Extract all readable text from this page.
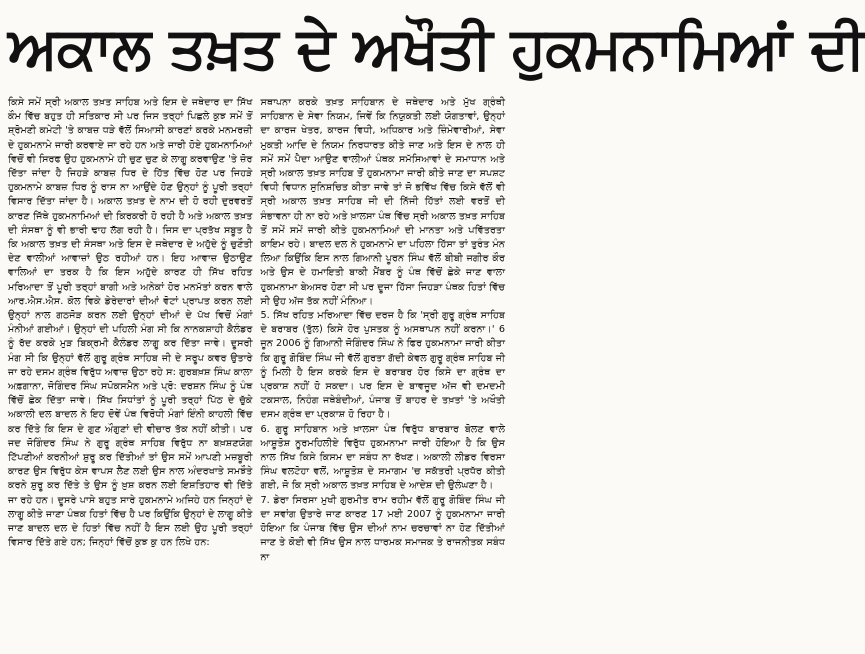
ਅਕਾਲ ਤਖ਼ਤ ਦੇ ਅਖੌਤੀ ਹੁਕਮਨਾਮਿਆਂ ਦੀ

ਕਿਸੇ ਸਮੇਂ ਸ੍ਰੀ ਅਕਾਲ ਤਖ਼ਤ ਸਾਹਿਬ ਅਤੇ ਇਸ ਦੇ ਜਥੇਦਾਰ ਦਾ ਸਿੱਖ ਕੌਮ ਵਿੱਚ ਬਹੁਤ ਹੀ ਸਤਿਕਾਰ ਸੀ ਪਰ ਜਿਸ ਤਰ੍ਹਾਂ ਪਿਛਲੇ ਕੁਝ ਸਮੇਂ ਤੋਂ ਸ਼੍ਰੋਮਣੀ ਕਮੇਟੀ 'ਤੇ ਕਾਬਜ਼ ਧੜੇ ਵੱਲੋਂ ਸਿਆਸੀ ਕਾਰਣਾਂ ਕਰਕੇ ਮਨਮਰਜ਼ੀ ਦੇ ਹੁਕਮਨਾਮੇ ਜਾਰੀ ਕਰਵਾਏ ਜਾ ਰਹੇ ਹਨ ਅਤੇ ਜਾਰੀ ਹੋਏ ਹੁਕਮਨਾਮਿਆਂ ਵਿਚੋਂ ਵੀ ਸਿਰਫ ਉਹ ਹੁਕਮਨਾਮੇ ਹੀ ਚੁਣ ਚੁਣ ਕੇ ਲਾਗੂ ਕਰਵਾਉਣ 'ਤੇ ਜ਼ੋਰ ਦਿੱਤਾ ਜਾਂਦਾ ਹੈ ਜਿਹੜੇ ਕਾਬਜ਼ ਧਿਰ ਦੇ ਹਿੱਤ ਵਿੱਚ ਹੋਣ ਪਰ ਜਿਹੜੇ ਹੁਕਮਨਾਮੇ ਕਾਬਜ਼ ਧਿਰ ਨੂੰ ਰਾਸ ਨਾ ਆਉਂਦੇ ਹੋਣ ਉਨ੍ਹਾਂ ਨੂੰ ਪੂਰੀ ਤਰ੍ਹਾਂ ਵਿਸਾਰ ਦਿੱਤਾ ਜਾਂਦਾ ਹੈ। ਅਕਾਲ ਤਖ਼ਤ ਦੇ ਨਾਮ ਦੀ ਹੋ ਰਹੀ ਦੁਰਵਰਤੋਂ ਕਾਰਣ ਜਿੱਥੇ ਹੁਕਮਨਾਮਿਆਂ ਦੀ ਕਿਰਕਰੀ ਹੋ ਰਹੀ ਹੈ ਅਤੇ ਅਕਾਲ ਤਖ਼ਤ ਦੀ ਸੰਸਥਾ ਨੂੰ ਵੀ ਭਾਰੀ ਢਾਹ ਲੱਗ ਰਹੀ ਹੈ। ਜਿਸ ਦਾ ਪ੍ਰਤੱਖ ਸਬੂਤ ਹੈ ਕਿ ਅਕਾਲ ਤਖ਼ਤ ਦੀ ਸੰਸਥਾ ਅਤੇ ਇਸ ਦੇ ਜਥੇਦਾਰ ਦੇ ਅਹੁੱਦੇ ਨੂੰ ਚੁਣੌਤੀ ਦੇਣ ਵਾਲੀਆਂ ਆਵਾਜ਼ਾਂ ਉਠ ਰਹੀਆਂ ਹਨ। ਇਹ ਆਵਾਜ਼ ਉਠਾਉਣ ਵਾਲਿਆਂ ਦਾ ਤਰਕ ਹੈ ਕਿ ਇਸ ਅਹੁੱਦੇ ਕਾਰਣ ਹੀ ਸਿੱਖ ਰਹਿਤ ਮਰਿਆਦਾ ਤੋਂ ਪੂਰੀ ਤਰ੍ਹਾਂ ਬਾਗੀ ਅਤੇ ਅਨੇਕਾਂ ਹੋਰ ਮਨਮੱਤਾਂ ਕਰਨ ਵਾਲੇ ਆਰ.ਐਸ.ਐਸ. ਕੋਲ ਵਿਕੇ ਡੇਰੇਦਾਰਾਂ ਦੀਆਂ ਵੋਟਾਂ ਪ੍ਰਾਪਤ ਕਰਨ ਲਈ ਉਨ੍ਹਾਂ ਨਾਲ ਗਠਜੋੜ ਕਰਨ ਲਈ ਉਨ੍ਹਾਂ ਦੀਆਂ ਦੇ ਪੱਖ ਵਿਚੋਂ ਮੰਗਾਂ ਮੰਨੀਆਂ ਗਈਆਂ। ਉਨ੍ਹਾਂ ਦੀ ਪਹਿਲੀ ਮੰਗ ਸੀ ਕਿ ਨਾਨਕਸ਼ਾਹੀ ਕੈਲੰਡਰ ਨੂੰ ਰੱਦ ਕਰਕੇ ਮੁੜ ਬਿਕ੍ਰਮੀ ਕੈਲੰਡਰ ਲਾਗੂ ਕਰ ਦਿੱਤਾ ਜਾਵੇ। ਦੂਸਰੀ ਮੰਗ ਸੀ ਕਿ ਉਨ੍ਹਾਂ ਵੱਲੋਂ ਗੁਰੂ ਗ੍ਰੰਥ ਸਾਹਿਬ ਜੀ ਦੇ ਸਰੂਪ ਕਵਰ ਉਤਾਰੇ ਜਾ ਰਹੇ ਦਸਮ ਗ੍ਰੰਥ ਵਿਰੁੱਧ ਅਵਾਜ਼ ਉਠਾ ਰਹੇ ਸ: ਗੁਰਬਖ਼ਸ਼ ਸਿੰਘ ਕਾਲਾ ਅਫ਼ਗਾਨਾ, ਜੋਗਿੰਦਰ ਸਿੰਘ ਸਪੋਕਸਮੈਨ ਅਤੇ ਪ੍ਰੋ: ਦਰਸ਼ਨ ਸਿੰਘ ਨੂੰ ਪੰਥ ਵਿੱਚੋਂ ਛੇਕ ਦਿੱਤਾ ਜਾਵੇ। ਸਿੱਖ ਸਿਧਾਂਤਾਂ ਨੂੰ ਪੂਰੀ ਤਰ੍ਹਾਂ ਪਿੱਠ ਦੇ ਚੁੱਕੇ ਅਕਾਲੀ ਦਲ ਬਾਦਲ ਨੇ ਇਹ ਦੋਵੇਂ ਪੰਥ ਵਿਰੋਧੀ ਮੰਗਾਂ ਇੰਨੀ ਕਾਹਲੀ ਵਿੱਚ ਕਰ ਦਿੱਤੇ ਕਿ ਇਸ ਦੇ ਗੁਣ ਔਗੁਣਾਂ ਦੀ ਵੀਚਾਰ ਤੱਕ ਨਹੀਂ ਕੀਤੀ। ਪਰ ਜਦ ਜੋਗਿੰਦਰ ਸਿੰਘ ਨੇ ਗੁਰੂ ਗ੍ਰੰਥ ਸਾਹਿਬ ਵਿਰੁੱਧ ਨਾ ਬਖ਼ਸ਼ਣਯੋਗ ਟਿੱਪਣੀਆਂ ਕਰਨੀਆਂ ਸ਼ੁਰੂ ਕਰ ਦਿੱਤੀਆਂ ਤਾਂ ਉਸ ਸਮੇਂ ਆਪਣੀ ਮਜ਼ਬੂਰੀ ਕਾਰਣ ਉਸ ਵਿਰੁੱਧ ਕੇਸ ਵਾਪਸ ਲੈਣ ਲਈ ਉਸ ਨਾਲ ਅੰਦਰਖਾਤੇ ਸਮਝੌਤੇ ਕਰਨੇ ਸ਼ੁਰੂ ਕਰ ਦਿੱਤੇ ਤੇ ਉਸ ਨੂੰ ਖ਼ੁਸ਼ ਕਰਨ ਲਈ ਇਸ਼ਤਿਹਾਰ ਵੀ ਦਿੱਤੇ ਜਾ ਰਹੇ ਹਨ। ਦੂਸਰੇ ਪਾਸੇ ਬਹੁਤ ਸਾਰੇ ਹੁਕਮਨਾਮੇ ਅਜਿਹੇ ਹਨ ਜਿਨ੍ਹਾਂ ਦੇ ਲਾਗੂ ਕੀਤੇ ਜਾਣਾ ਪੰਥਕ ਹਿਤਾਂ ਵਿੱਚ ਹੈ ਪਰ ਕਿਉਂਕਿ ਉਨ੍ਹਾਂ ਦੇ ਲਾਗੂ ਕੀਤੇ ਜਾਣ ਬਾਦਲ ਦਲ ਦੇ ਹਿਤਾਂ ਵਿੱਚ ਨਹੀਂ ਹੈ ਇਸ ਲਈ ਉਹ ਪੂਰੀ ਤਰ੍ਹਾਂ ਵਿਸਾਰ ਦਿੱਤੇ ਗਏ ਹਨ; ਜਿਨ੍ਹਾਂ ਵਿੱਚੋਂ ਕੁਝ ਕੁ ਹਨ ਲਿਖੇ ਹਨ:

ਸਥਾਪਨਾ ਕਰਕੇ ਤਖ਼ਤ ਸਾਹਿਬਾਨ ਦੇ ਜਥੇਦਾਰ ਅਤੇ ਮੁੱਖ ਗ੍ਰੰਥੀ ਸਾਹਿਬਾਨ ਦੇ ਸੇਵਾ ਨਿਯਮ, ਜਿਵੇਂ ਕਿ ਨਿਯੁਕਤੀ ਲਈ ਯੋਗਤਾਵਾਂ, ਉਨ੍ਹਾਂ ਦਾ ਕਾਰਜ ਖੇਤਰ, ਕਾਰਜ ਵਿਧੀ, ਅਧਿਕਾਰ ਅਤੇ ਜ਼ਿੰਮੇਵਾਰੀਆਂ, ਸੇਵਾ ਮੁਕਤੀ ਆਦਿ ਦੇ ਨਿਯਮ ਨਿਰਧਾਰਤ ਕੀਤੇ ਜਾਣ ਅਤੇ ਇਸ ਦੇ ਨਾਲ ਹੀ ਸਮੇਂ ਸਮੇਂ ਪੈਦਾ ਆਉਣ ਵਾਲੀਆਂ ਪੰਥਕ ਸਮੱਸਿਆਵਾਂ ਦੇ ਸਮਾਧਾਨ ਅਤੇ ਸ੍ਰੀ ਅਕਾਲ ਤਖ਼ਤ ਸਾਹਿਬ ਤੋਂ ਹੁਕਮਨਾਮਾ ਜਾਰੀ ਕੀਤੇ ਜਾਣ ਦਾ ਸਪਸ਼ਟ ਵਿਧੀ ਵਿਧਾਨ ਸੁਨਿਸ਼ਚਿਤ ਕੀਤਾ ਜਾਵੇ ਤਾਂ ਜੋ ਭਵਿੱਖ ਵਿੱਚ ਕਿਸੇ ਵੱਲੋਂ ਵੀ ਸ੍ਰੀ ਅਕਾਲ ਤਖ਼ਤ ਸਾਹਿਬ ਜੀ ਦੀ ਨਿੱਜੀ ਹਿੱਤਾਂ ਲਈ ਵਰਤੋਂ ਦੀ ਸੰਭਾਵਨਾ ਹੀ ਨਾ ਰਹੇ ਅਤੇ ਖ਼ਾਲਸਾ ਪੰਥ ਵਿੱਚ ਸ੍ਰੀ ਅਕਾਲ ਤਖ਼ਤ ਸਾਹਿਬ ਤੋਂ ਸਮੇਂ ਸਮੇਂ ਜਾਰੀ ਕੀਤੇ ਹੁਕਮਨਾਮਿਆਂ ਦੀ ਮਾਨਤਾ ਅਤੇ ਪਵਿੱਤਰਤਾ ਕਾਇਮ ਰਹੇ। ਬਾਦਲ ਦਲ ਨੇ ਹੁਕਮਨਾਮੇ ਦਾ ਪਹਿਲਾ ਹਿੱਸਾ ਤਾਂ ਤੁਰੰਤ ਮੰਨ ਲਿਆ ਕਿਉਂਕਿ ਇਸ ਨਾਲ ਗਿਆਨੀ ਪੂਰਨ ਸਿੰਘ ਵੱਲੋਂ ਬੀਬੀ ਜਗੀਰ ਕੌਰ ਅਤੇ ਉਸ ਦੇ ਹਮਾਇਤੀ ਬਾਕੀ ਮੈਂਬਰ ਨੂੰ ਪੰਥ ਵਿੱਚੋਂ ਛੇਕੇ ਜਾਣ ਵਾਲਾ ਹੁਕਮਨਾਮਾ ਬੇਅਸਰ ਹੋਣਾ ਸੀ ਪਰ ਦੂਜਾ ਹਿੱਸਾ ਜਿਹੜਾ ਪੰਥਕ ਹਿਤਾਂ ਵਿੱਚ ਸੀ ਉਹ ਅੱਜ ਤੱਕ ਨਹੀਂ ਮੰਨਿਆ।

5. ਸਿੱਖ ਰਹਿਤ ਮਰਿਆਦਾ ਵਿੱਚ ਦਰਜ ਹੈ ਕਿ 'ਸ੍ਰੀ ਗੁਰੂ ਗ੍ਰੰਥ ਸਾਹਿਬ ਦੇ ਬਰਾਬਰ (ਤੁੱਲ) ਕਿਸੇ ਹੋਰ ਪੁਸਤਕ ਨੂੰ ਅਸਥਾਪਨ ਨਹੀਂ ਕਰਨਾ।' 6 ਜੂਨ 2006 ਨੂੰ ਗਿਆਨੀ ਜੋਗਿੰਦਰ ਸਿੰਘ ਨੇ ਫਿਰ ਹੁਕਮਨਾਮਾ ਜਾਰੀ ਕੀਤਾ ਕਿ ਗੁਰੂ ਗੋਬਿੰਦ ਸਿੰਘ ਜੀ ਵੱਲੋਂ ਗੁਰਤਾ ਗੱਦੀ ਕੇਵਲ ਗੁਰੂ ਗ੍ਰੰਥ ਸਾਹਿਬ ਜੀ ਨੂੰ ਮਿਲੀ ਹੈ ਇਸ ਕਰਕੇ ਇਸ ਦੇ ਬਰਾਬਰ ਹੋਰ ਕਿਸੇ ਦਾ ਗ੍ਰੰਥ ਦਾ ਪ੍ਰਕਾਸ਼ ਨਹੀਂ ਹੋ ਸਕਦਾ। ਪਰ ਇਸ ਦੇ ਬਾਵਜੂਦ ਅੱਜ ਵੀ ਦਮਦਮੀ ਟਕਸਾਲ, ਨਿਹੰਗ ਜਥੇਬੰਦੀਆਂ, ਪੰਜਾਬ ਤੋਂ ਬਾਹਰ ਦੇ ਤਖ਼ਤਾਂ 'ਤੇ ਅਖੌਤੀ ਦਸਮ ਗ੍ਰੰਥ ਦਾ ਪ੍ਰਕਾਸ਼ ਹੋ ਰਿਹਾ ਹੈ।

6. ਗੁਰੂ ਸਾਹਿਬਾਨ ਅਤੇ ਖ਼ਾਲਸਾ ਪੰਥ ਵਿਰੁੱਧ ਬਾਰਬਾਰ ਬੋਲਣ ਵਾਲੇ ਆਸ਼ੂਤੋਸ਼ ਨੂਰਮਹਿਲੀਏ ਵਿਰੁੱਧ ਹੁਕਮਨਾਮਾ ਜਾਰੀ ਹੋਇਆ ਹੈ ਕਿ ਉਸ ਨਾਲ ਸਿੱਖ ਕਿਸੇ ਕਿਸਮ ਦਾ ਸਬੰਧ ਨਾ ਰੱਖਣ। ਅਕਾਲੀ ਲੀਡਰ ਵਿਰਸਾ ਸਿੰਘ ਵਲਟੋਹਾ ਵਲੋਂ, ਆਸ਼ੂਤੋਸ਼ ਦੇ ਸਮਾਗਮ 'ਚ ਸਕੱਤਰੀ ਪ੍ਰਧੱਰ ਕੀਤੀ ਗਈ, ਜੋ ਕਿ ਸ੍ਰੀ ਅਕਾਲ ਤਖ਼ਤ ਸਾਹਿਬ ਦੇ ਆਦੇਸ਼ ਦੀ ਉਲੰਘਣਾ ਹੈ।

7. ਡੇਰਾ ਸਿਰਸਾ ਮੁਖੀ ਗੁਰਮੀਤ ਰਾਮ ਰਹੀਮ ਵੱਲੋਂ ਗੁਰੂ ਗੋਬਿੰਦ ਸਿੰਘ ਜੀ ਦਾ ਸਵਾਂਗ ਉਤਾਰੇ ਜਾਣ ਕਾਰਣ 17 ਮਈ 2007 ਨੂੰ ਹੁਕਮਨਾਮਾ ਜਾਰੀ ਹੋਇਆ ਕਿ ਪੰਜਾਬ ਵਿੱਚ ਉਸ ਦੀਆਂ ਨਾਮ ਚਰਚਾਵਾਂ ਨਾ ਹੋਣ ਦਿੱਤੀਆਂ ਜਾਣ ਤੇ ਕੋਈ ਵੀ ਸਿੱਖ ਉਸ ਨਾਲ ਧਾਰਮਕ ਸਮਾਜਕ ਤੇ ਰਾਜਨੀਤਕ ਸਬੰਧ ਨਾ
